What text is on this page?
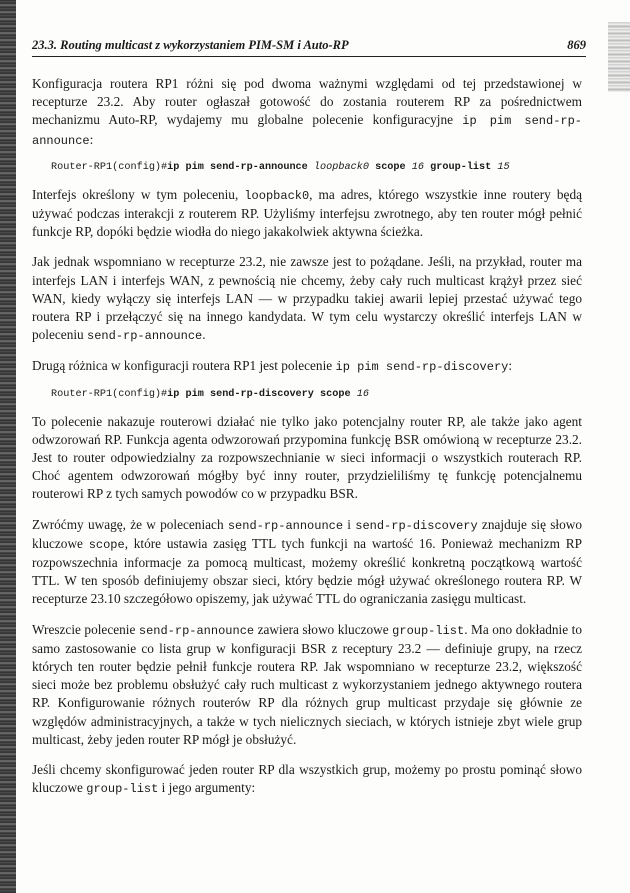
23.3. Routing multicast z wykorzystaniem PIM-SM i Auto-RP	869

Konfiguracja routera RP1 różni się pod dwoma ważnymi względami od tej przedstawionej w recepturze 23.2. Aby router ogłaszał gotowość do zostania routerem RP za pośrednictwem mechanizmu Auto-RP, wydajemy mu globalne polecenie konfiguracyjne ip pim send-rp-announce:

Router-RP1(config)#ip pim send-rp-announce loopback0 scope 16 group-list 15

Interfejs określony w tym poleceniu, loopback0, ma adres, którego wszystkie inne routery będą używać podczas interakcji z routerem RP. Użyliśmy interfejsu zwrotnego, aby ten router mógł pełnić funkcje RP, dopóki będzie wiodła do niego jakakolwiek aktywna ścieżka.

Jak jednak wspomniano w recepturze 23.2, nie zawsze jest to pożądane. Jeśli, na przykład, router ma interfejs LAN i interfejs WAN, z pewnością nie chcemy, żeby cały ruch multicast krążył przez sieć WAN, kiedy wyłączy się interfejs LAN — w przypadku takiej awarii lepiej przestać używać tego routera RP i przełączyć się na innego kandydata. W tym celu wystarczy określić interfejs LAN w poleceniu send-rp-announce.

Drugą różnica w konfiguracji routera RP1 jest polecenie ip pim send-rp-discovery:

Router-RP1(config)#ip pim send-rp-discovery scope 16

To polecenie nakazuje routerowi działać nie tylko jako potencjalny router RP, ale także jako agent odwzorowań RP. Funkcja agenta odwzorowań przypomina funkcję BSR omówioną w recepturze 23.2. Jest to router odpowiedzialny za rozpowszechnianie w sieci informacji o wszystkich routerach RP. Choć agentem odwzorowań mógłby być inny router, przydzieliliśmy tę funkcję potencjalnemu routerowi RP z tych samych powodów co w przypadku BSR.

Zwróćmy uwagę, że w poleceniach send-rp-announce i send-rp-discovery znajduje się słowo kluczowe scope, które ustawia zasięg TTL tych funkcji na wartość 16. Ponieważ mechanizm RP rozpowszechnia informacje za pomocą multicast, możemy określić konkretną początkową wartość TTL. W ten sposób definiujemy obszar sieci, który będzie mógł używać określonego routera RP. W recepturze 23.10 szczegółowo opiszemy, jak używać TTL do ograniczania zasięgu multicast.

Wreszcie polecenie send-rp-announce zawiera słowo kluczowe group-list. Ma ono dokładnie to samo zastosowanie co lista grup w konfiguracji BSR z receptury 23.2 — definiuje grupy, na rzecz których ten router będzie pełnił funkcje routera RP. Jak wspomniano w recepturze 23.2, większość sieci może bez problemu obsłużyć cały ruch multicast z wykorzystaniem jednego aktywnego routera RP. Konfigurowanie różnych routerów RP dla różnych grup multicast przydaje się głównie ze względów administracyjnych, a także w tych nielicznych sieciach, w których istnieje zbyt wiele grup multicast, żeby jeden router RP mógł je obsłużyć.

Jeśli chcemy skonfigurować jeden router RP dla wszystkich grup, możemy po prostu pominąć słowo kluczowe group-list i jego argumenty:
